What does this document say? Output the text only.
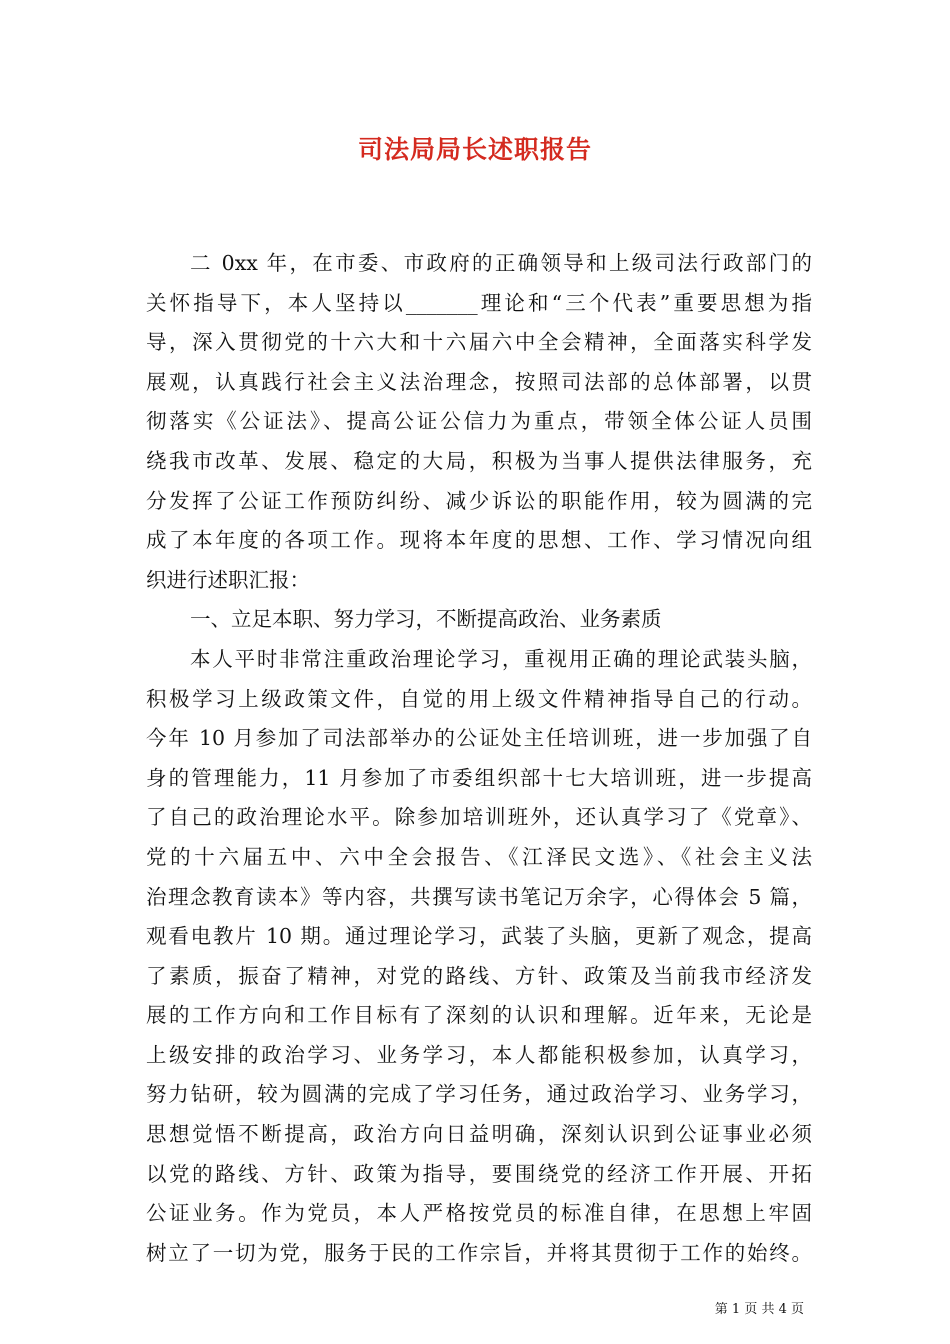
司法局局长述职报告
二 0xx 年，在市委、市政府的正确领导和上级司法行政部门的
关怀指导下，本人坚持以_______理论和“三个代表”重要思想为指
导，深入贯彻党的十六大和十六届六中全会精神，全面落实科学发
展观，认真践行社会主义法治理念，按照司法部的总体部署，以贯
彻落实《公证法》、提高公证公信力为重点，带领全体公证人员围
绕我市改革、发展、稳定的大局，积极为当事人提供法律服务，充
分发挥了公证工作预防纠纷、减少诉讼的职能作用，较为圆满的完
成了本年度的各项工作。现将本年度的思想、工作、学习情况向组
织进行述职汇报：
一、立足本职、努力学习，不断提高政治、业务素质
本人平时非常注重政治理论学习，重视用正确的理论武装头脑，
积极学习上级政策文件，自觉的用上级文件精神指导自己的行动。
今年 10 月参加了司法部举办的公证处主任培训班，进一步加强了自
身的管理能力，11 月参加了市委组织部十七大培训班，进一步提高
了自己的政治理论水平。除参加培训班外，还认真学习了《党章》、
党的十六届五中、六中全会报告、《江泽民文选》、《社会主义法
治理念教育读本》等内容，共撰写读书笔记万余字，心得体会 5 篇，
观看电教片 10 期。通过理论学习，武装了头脑，更新了观念，提高
了素质，振奋了精神，对党的路线、方针、政策及当前我市经济发
展的工作方向和工作目标有了深刻的认识和理解。近年来，无论是
上级安排的政治学习、业务学习，本人都能积极参加，认真学习，
努力钻研，较为圆满的完成了学习任务，通过政治学习、业务学习，
思想觉悟不断提高，政治方向日益明确，深刻认识到公证事业必须
以党的路线、方针、政策为指导，要围绕党的经济工作开展、开拓
公证业务。作为党员，本人严格按党员的标准自律，在思想上牢固
树立了一切为党，服务于民的工作宗旨，并将其贯彻于工作的始终。
第 1 页 共 4 页
